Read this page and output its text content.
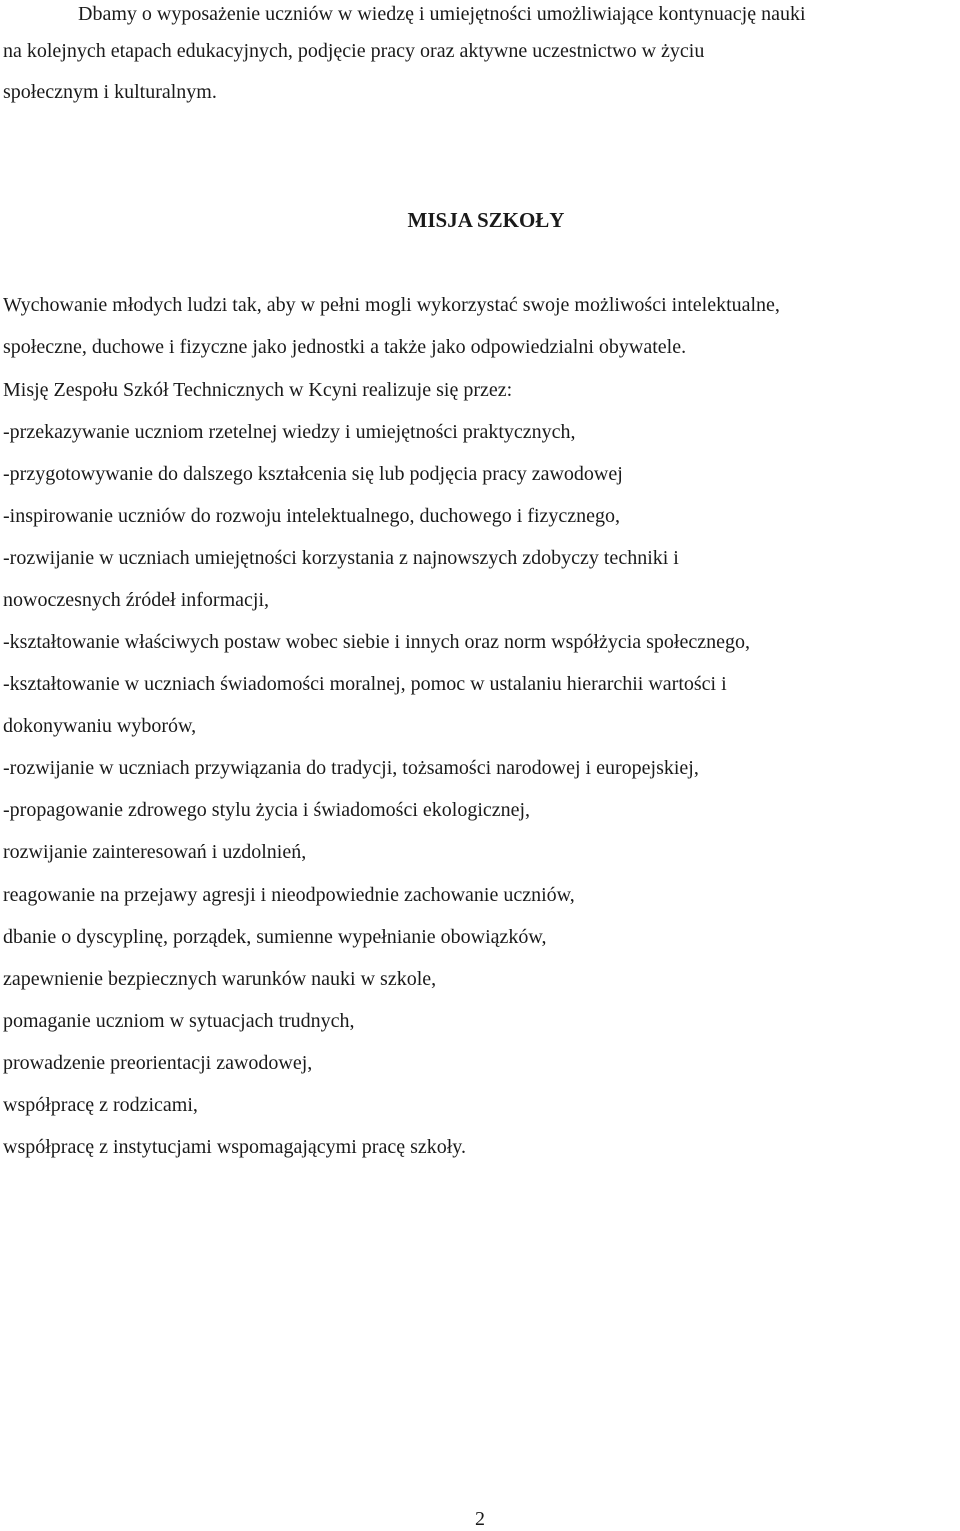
Dbamy o wyposażenie uczniów w wiedzę i umiejętności umożliwiające kontynuację nauki
na kolejnych etapach edukacyjnych, podjęcie pracy oraz aktywne uczestnictwo w życiu
społecznym i kulturalnym.
MISJA SZKOŁY
Wychowanie młodych ludzi tak, aby w pełni mogli wykorzystać swoje możliwości intelektualne,
społeczne, duchowe i fizyczne jako jednostki a także jako odpowiedzialni obywatele.
Misję Zespołu Szkół Technicznych w Kcyni realizuje się przez:
-przekazywanie uczniom rzetelnej wiedzy i umiejętności praktycznych,
-przygotowywanie do dalszego kształcenia się lub podjęcia pracy zawodowej
-inspirowanie uczniów do rozwoju intelektualnego, duchowego i fizycznego,
-rozwijanie w uczniach umiejętności korzystania z najnowszych zdobyczy techniki i
nowoczesnych źródeł informacji,
-kształtowanie właściwych postaw wobec siebie i innych oraz norm współżycia społecznego,
-kształtowanie w uczniach świadomości moralnej, pomoc w ustalaniu hierarchii wartości i
dokonywaniu wyborów,
-rozwijanie w uczniach przywiązania do tradycji, tożsamości narodowej i europejskiej,
-propagowanie zdrowego stylu życia i świadomości ekologicznej,
rozwijanie zainteresowań i uzdolnień,
reagowanie na przejawy agresji i nieodpowiednie zachowanie uczniów,
dbanie o dyscyplinę, porządek, sumienne wypełnianie obowiązków,
zapewnienie bezpiecznych warunków nauki w szkole,
pomaganie uczniom w sytuacjach trudnych,
prowadzenie preorientacji zawodowej,
współpracę z rodzicami,
współpracę z instytucjami wspomagającymi pracę szkoły.
2
